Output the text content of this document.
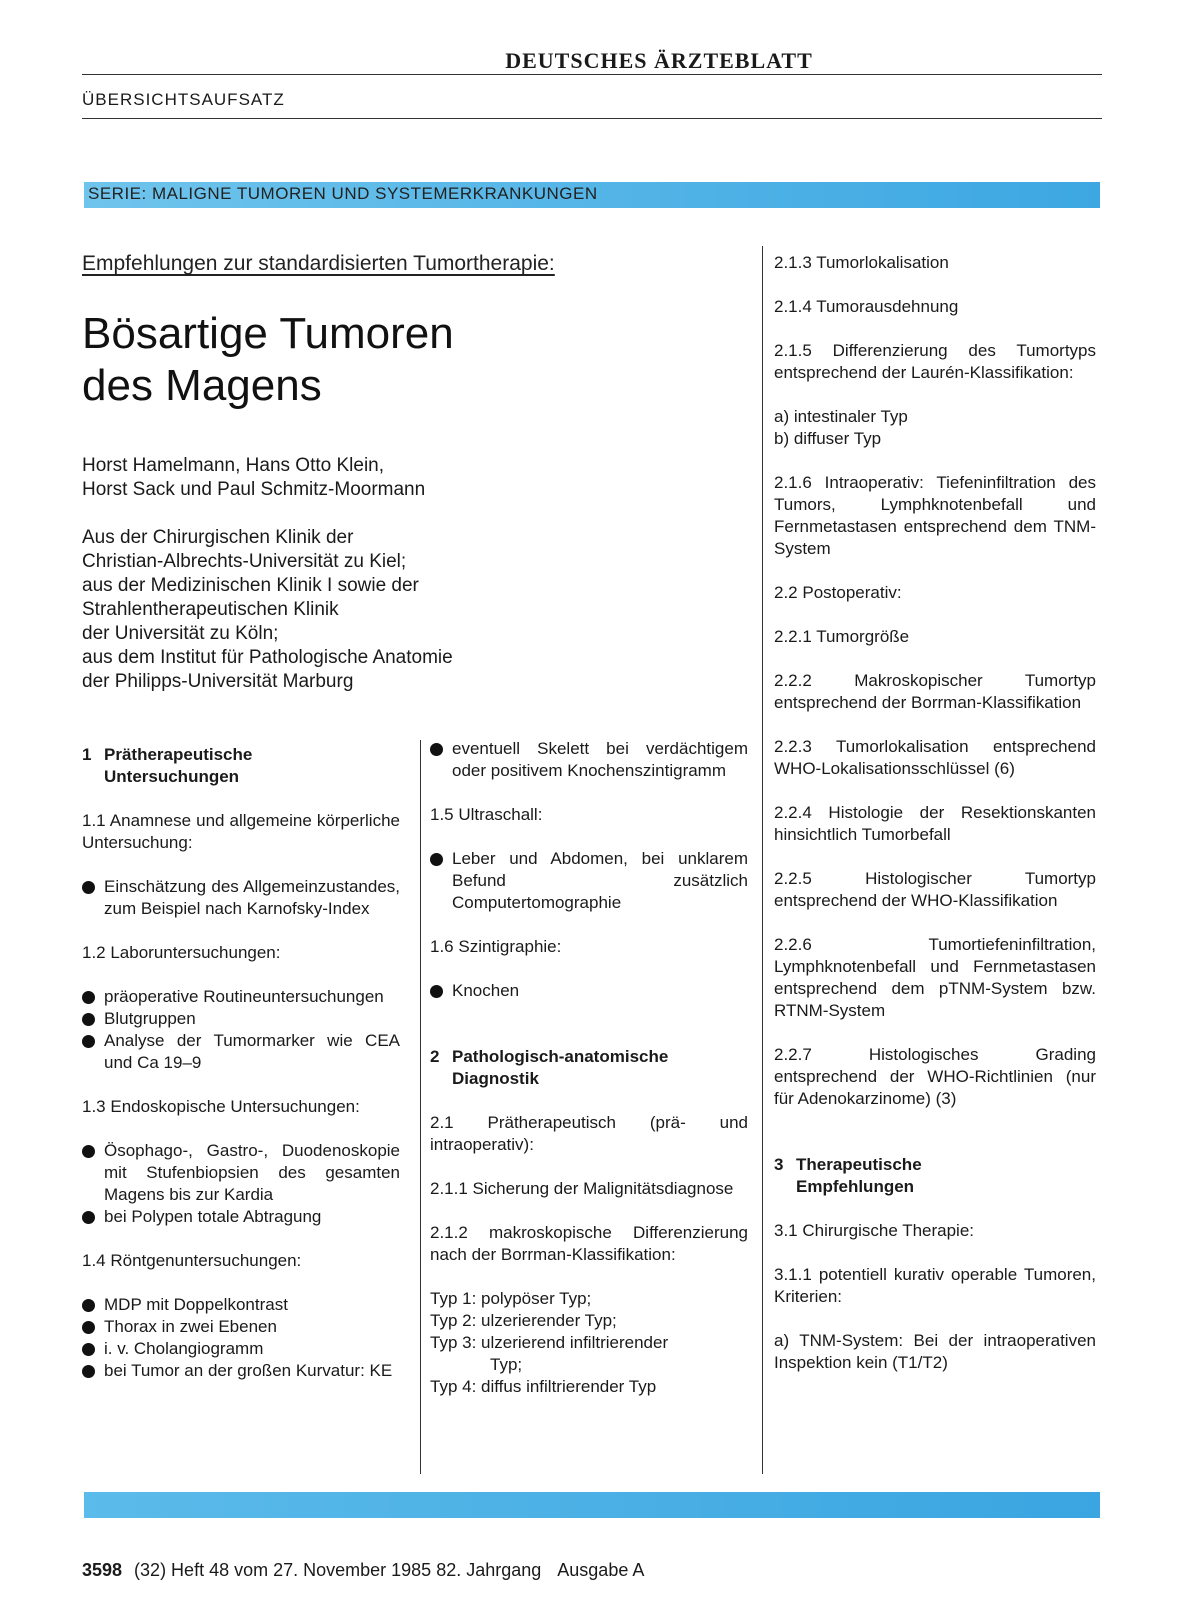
DEUTSCHES ÄRZTEBLATT
ÜBERSICHTSAUFSATZ
SERIE: MALIGNE TUMOREN UND SYSTEMERKRANKUNGEN
Empfehlungen zur standardisierten Tumortherapie:
Bösartige Tumoren
des Magens
Horst Hamelmann, Hans Otto Klein,
Horst Sack und Paul Schmitz-Moormann
Aus der Chirurgischen Klinik der
Christian-Albrechts-Universität zu Kiel;
aus der Medizinischen Klinik I sowie der
Strahlentherapeutischen Klinik
der Universität zu Köln;
aus dem Institut für Pathologische Anatomie
der Philipps-Universität Marburg
1 Prätherapeutische
Untersuchungen

1.1 Anamnese und allgemeine körperliche Untersuchung:

Einschätzung des Allgemeinzustandes, zum Beispiel nach Karnofsky-Index

1.2 Laboruntersuchungen:

präoperative Routineuntersuchungen

Blutgruppen

Analyse der Tumormarker wie CEA und Ca 19–9

1.3 Endoskopische Untersuchungen:

Ösophago-, Gastro-, Duodenoskopie mit Stufenbiopsien des gesamten Magens bis zur Kardia

bei Polypen totale Abtragung

1.4 Röntgenuntersuchungen:

MDP mit Doppelkontrast

Thorax in zwei Ebenen

i. v. Cholangiogramm

bei Tumor an der großen Kurvatur: KE

eventuell Skelett bei verdächtigem oder positivem Knochenszintigramm

1.5 Ultraschall:

Leber und Abdomen, bei unklarem Befund zusätzlich Computertomographie

1.6 Szintigraphie:

Knochen

2 Pathologisch-anatomische
Diagnostik

2.1 Prätherapeutisch (prä- und intraoperativ):

2.1.1 Sicherung der Malignitätsdiagnose

2.1.2 makroskopische Differenzierung nach der Borrman-Klassifikation:

Typ 1: polypöser Typ;

Typ 2: ulzerierender Typ;

Typ 3: ulzerierend infiltrierender

Typ;

Typ 4: diffus infiltrierender Typ

2.1.3 Tumorlokalisation

2.1.4 Tumorausdehnung

2.1.5 Differenzierung des Tumortyps entsprechend der Laurén-Klassifikation:

a) intestinaler Typ

b) diffuser Typ

2.1.6 Intraoperativ: Tiefeninfiltration des Tumors, Lymphknotenbefall und Fernmetastasen entsprechend dem TNM-System

2.2 Postoperativ:

2.2.1 Tumorgröße

2.2.2 Makroskopischer Tumortyp entsprechend der Borrman-Klassifikation

2.2.3 Tumorlokalisation entsprechend WHO-Lokalisationsschlüssel (6)

2.2.4 Histologie der Resektionskanten hinsichtlich Tumorbefall

2.2.5 Histologischer Tumortyp entsprechend der WHO-Klassifikation

2.2.6 Tumortiefeninfiltration, Lymphknotenbefall und Fernmetastasen entsprechend dem pTNM-System bzw. RTNM-System

2.2.7 Histologisches Grading entsprechend der WHO-Richtlinien (nur für Adenokarzinome) (3)

3 Therapeutische
Empfehlungen

3.1 Chirurgische Therapie:

3.1.1 potentiell kurativ operable Tumoren, Kriterien:

a) TNM-System: Bei der intraoperativen Inspektion kein (T1/T2)

3598 (32) Heft 48 vom 27. November 1985 82. Jahrgang Ausgabe A
